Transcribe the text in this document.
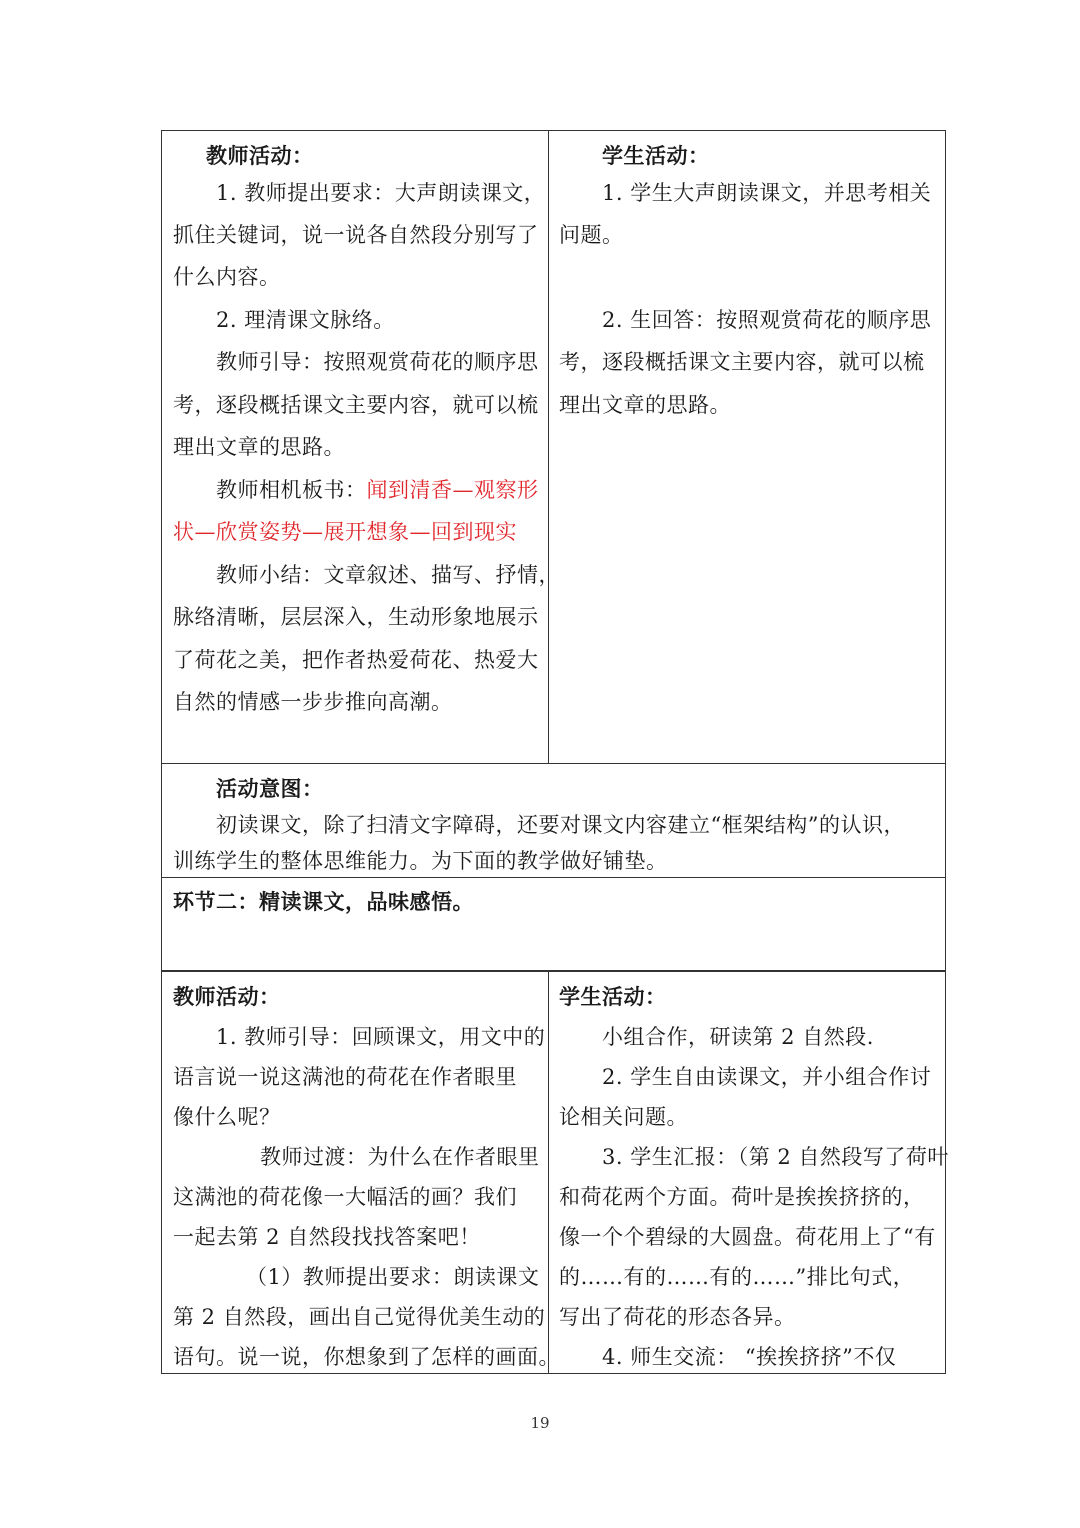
教师活动：
1. 教师提出要求：大声朗读课文，
抓住关键词，说一说各自然段分别写了
什么内容。
2. 理清课文脉络。
教师引导：按照观赏荷花的顺序思
考，逐段概括课文主要内容，就可以梳
理出文章的思路。
教师相机板书：闻到清香—观察形
状—欣赏姿势—展开想象—回到现实
教师小结：文章叙述、描写、抒情，
脉络清晰，层层深入，生动形象地展示
了荷花之美，把作者热爱荷花、热爱大
自然的情感一步步推向高潮。
学生活动：
1. 学生大声朗读课文，并思考相关
问题。
2. 生回答：按照观赏荷花的顺序思
考，逐段概括课文主要内容，就可以梳
理出文章的思路。
活动意图：
初读课文，除了扫清文字障碍，还要对课文内容建立“框架结构”的认识，
训练学生的整体思维能力。为下面的教学做好铺垫。
环节二：精读课文，品味感悟。
教师活动：
1. 教师引导：回顾课文，用文中的
语言说一说这满池的荷花在作者眼里
像什么呢？
教师过渡：为什么在作者眼里
这满池的荷花像一大幅活的画？我们
一起去第 2 自然段找找答案吧！
（1）教师提出要求：朗读课文
第 2 自然段，画出自己觉得优美生动的
语句。说一说，你想象到了怎样的画面。
学生活动：
小组合作，研读第 2 自然段.
2. 学生自由读课文，并小组合作讨
论相关问题。
3. 学生汇报：（第 2 自然段写了荷叶
和荷花两个方面。荷叶是挨挨挤挤的，
像一个个碧绿的大圆盘。荷花用上了“有
的……有的……有的……”排比句式，
写出了荷花的形态各异。
4. 师生交流： “挨挨挤挤”不仅
19
